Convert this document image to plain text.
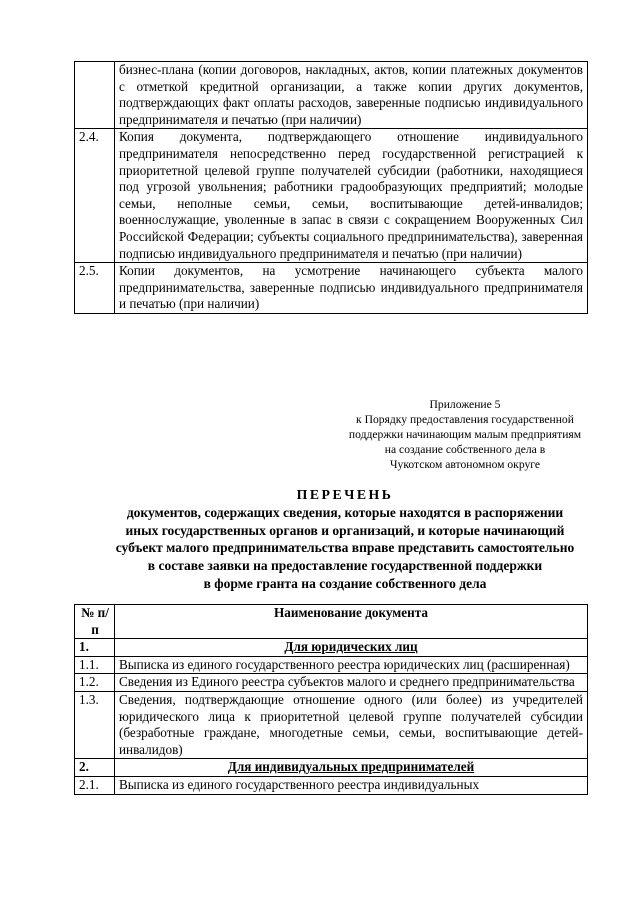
	бизнес-плана (копии договоров, накладных, актов, копии платежных документов с отметкой кредитной организации, а также копии других документов, подтверждающих факт оплаты расходов, заверенные подписью индивидуального предпринимателя и печатью (при наличии)
2.4.	Копия документа, подтверждающего отношение индивидуального предпринимателя непосредственно перед государственной регистрацией к приоритетной целевой группе получателей субсидии (работники, находящиеся под угрозой увольнения; работники градообразующих предприятий; молодые семьи, неполные семьи, семьи, воспитывающие детей-инвалидов; военнослужащие, уволенные в запас в связи с сокращением Вооруженных Сил Российской Федерации; субъекты социального предпринимательства), заверенная подписью индивидуального предпринимателя и печатью (при наличии)
2.5.	Копии документов, на усмотрение начинающего субъекта малого предпринимательства, заверенные подписью индивидуального предпринимателя и печатью (при наличии)
Приложение 5
к Порядку предоставления государственной
поддержки начинающим малым предприятиям
на создание собственного дела в
Чукотском автономном округе
ПЕРЕЧЕНЬ
документов, содержащих сведения, которые находятся в распоряжении
иных государственных органов и организаций, и которые начинающий
субъект малого предпринимательства вправе представить самостоятельно
в составе заявки на предоставление государственной поддержки
в форме гранта на создание собственного дела
№ п/п	Наименование документа
1.	Для юридических лиц
1.1.	Выписка из единого государственного реестра юридических лиц (расширенная)
1.2.	Сведения из Единого реестра субъектов малого и среднего предпринимательства
1.3.	Сведения, подтверждающие отношение одного (или более) из учредителей юридического лица к приоритетной целевой группе получателей субсидии (безработные граждане, многодетные семьи, семьи, воспитывающие детей-инвалидов)
2.	Для индивидуальных предпринимателей
2.1.	Выписка из единого государственного реестра индивидуальных
